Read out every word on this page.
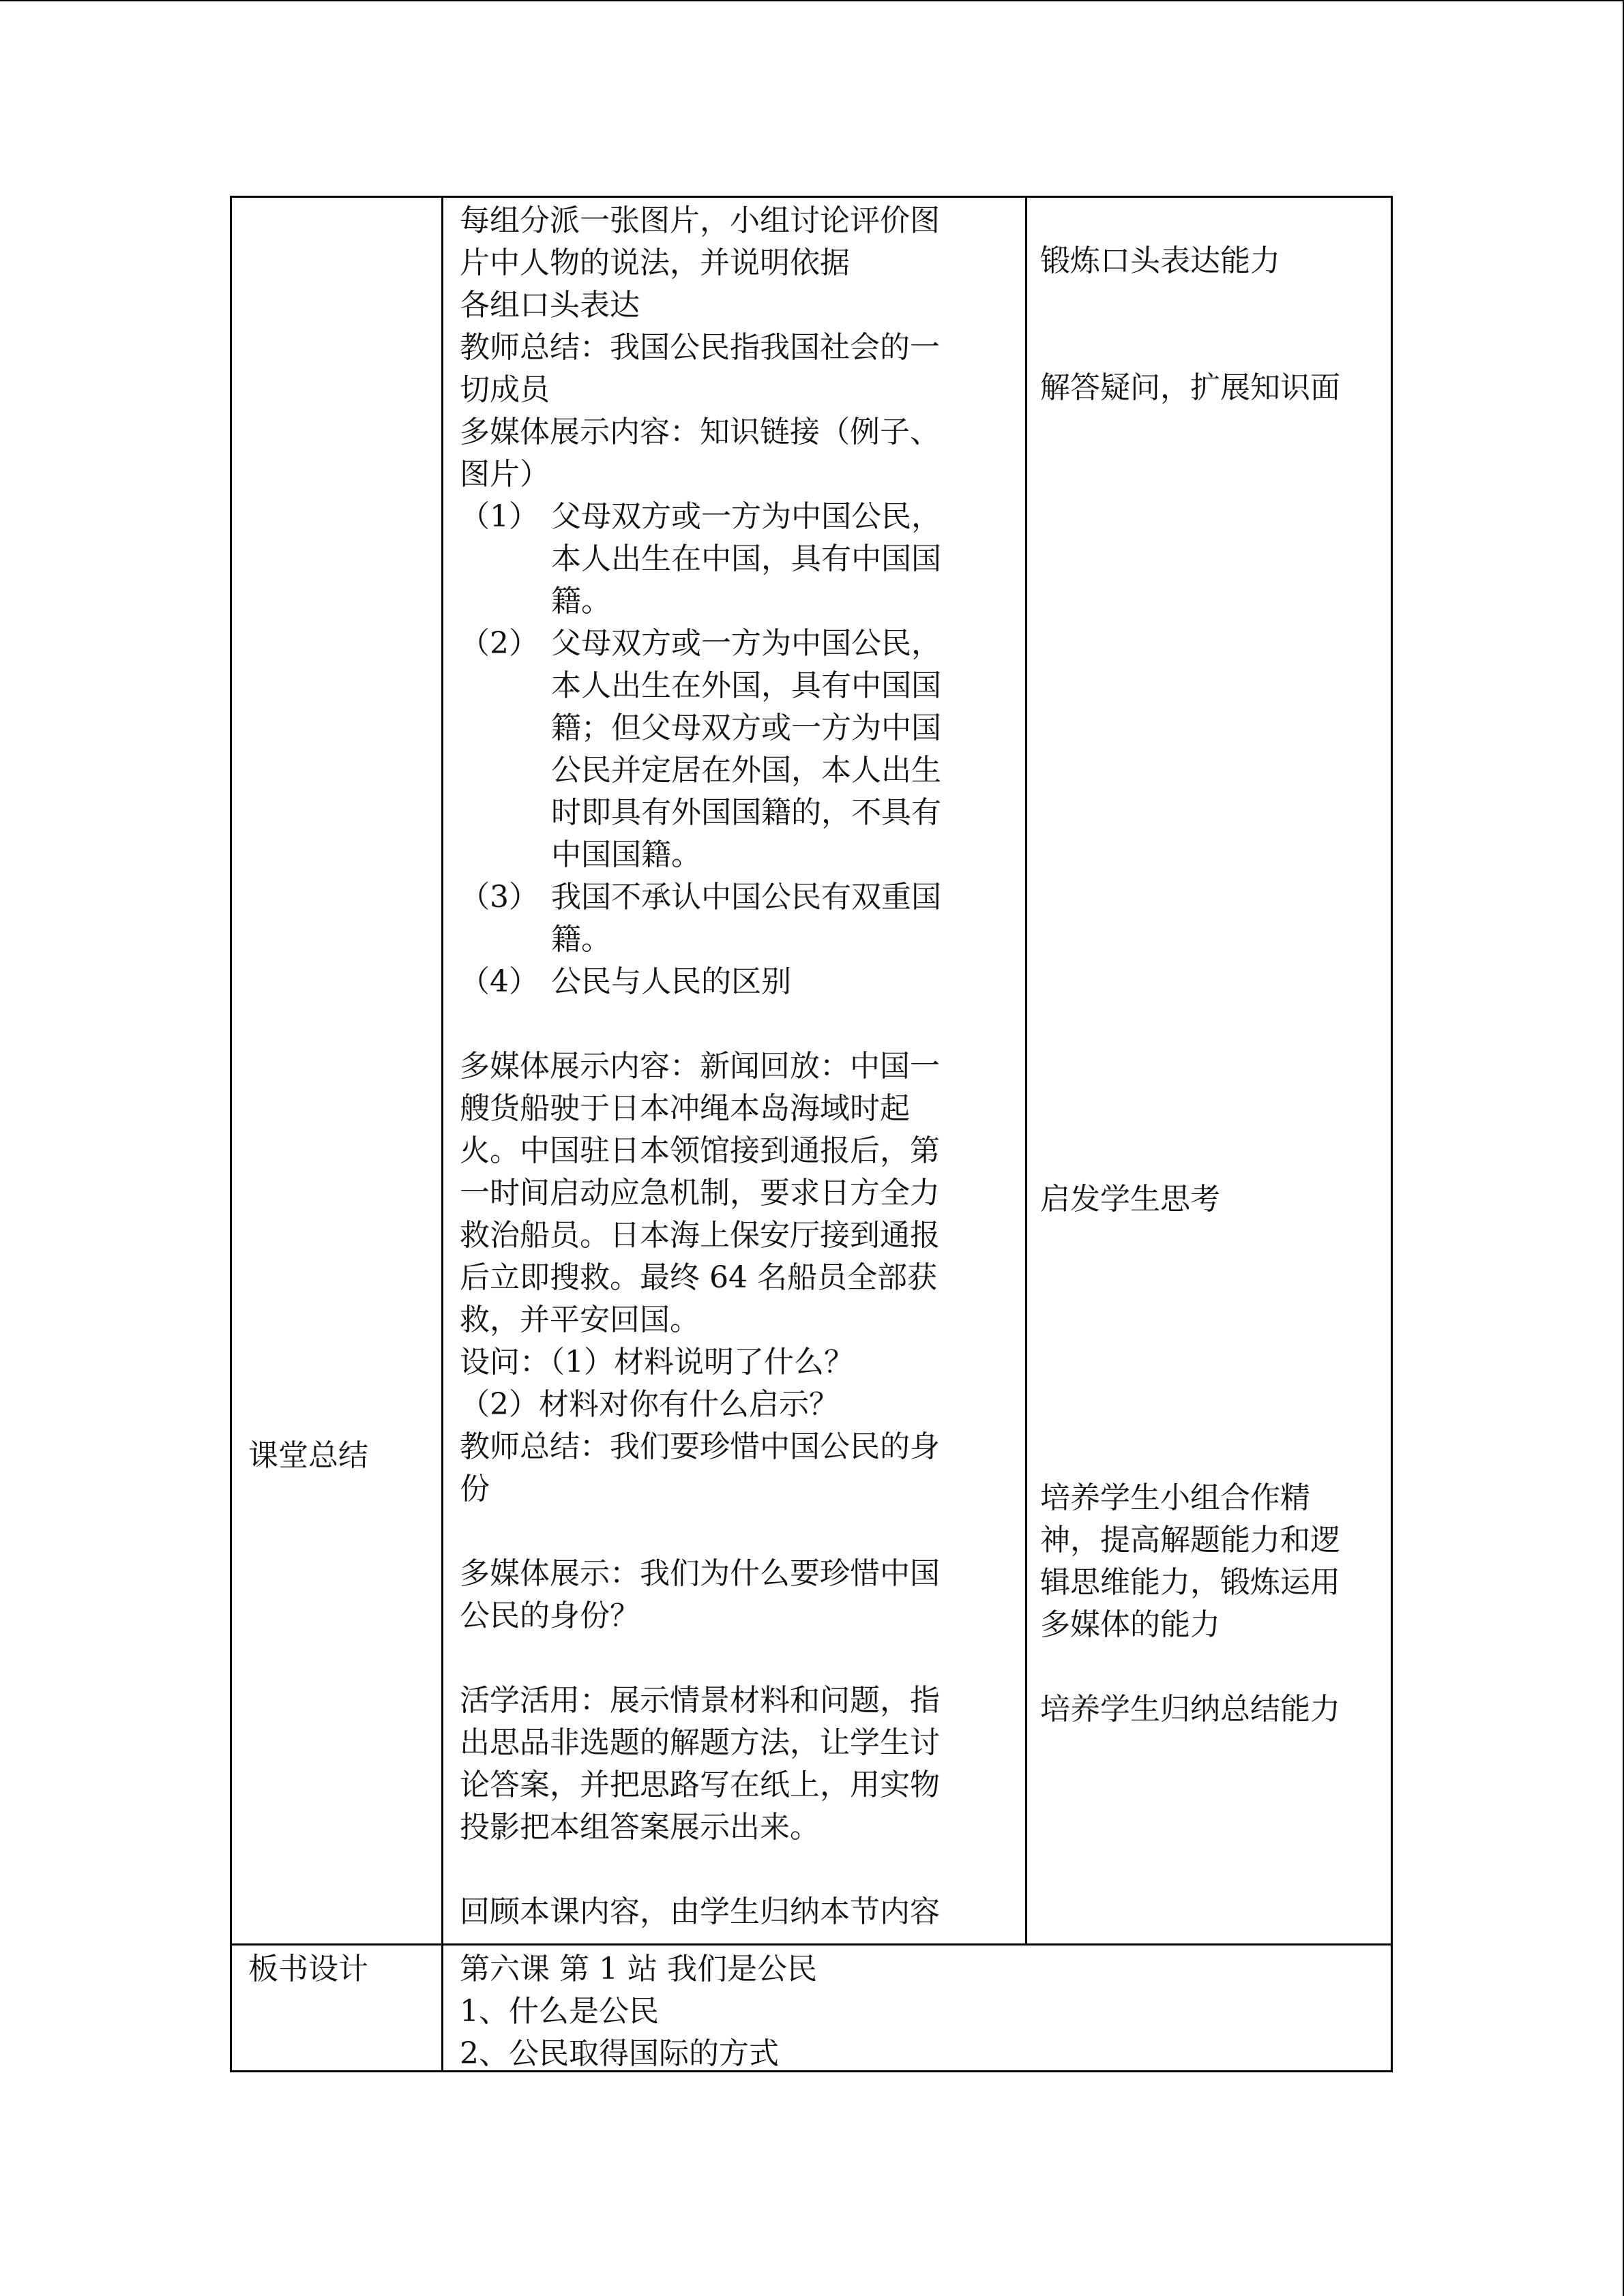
课堂总结
每组分派一张图片，小组讨论评价图
片中人物的说法，并说明依据
各组口头表达
教师总结：我国公民指我国社会的一
切成员
多媒体展示内容：知识链接（例子、
图片）
（1） 父母双方或一方为中国公民，
本人出生在中国，具有中国国
籍。
（2） 父母双方或一方为中国公民，
本人出生在外国，具有中国国
籍；但父母双方或一方为中国
公民并定居在外国，本人出生
时即具有外国国籍的，不具有
中国国籍。
（3） 我国不承认中国公民有双重国
籍。
（4） 公民与人民的区别
多媒体展示内容：新闻回放：中国一
艘货船驶于日本冲绳本岛海域时起
火。中国驻日本领馆接到通报后，第
一时间启动应急机制，要求日方全力
救治船员。日本海上保安厅接到通报
后立即搜救。最终 64 名船员全部获
救，并平安回国。
设问：（1）材料说明了什么？
（2）材料对你有什么启示？
教师总结：我们要珍惜中国公民的身
份
多媒体展示：我们为什么要珍惜中国
公民的身份？
活学活用：展示情景材料和问题，指
出思品非选题的解题方法，让学生讨
论答案，并把思路写在纸上，用实物
投影把本组答案展示出来。
回顾本课内容，由学生归纳本节内容
锻炼口头表达能力
解答疑问，扩展知识面
启发学生思考
培养学生小组合作精
神，提高解题能力和逻
辑思维能力，锻炼运用
多媒体的能力
培养学生归纳总结能力
板书设计	第六课 第 1 站 我们是公民
1、什么是公民
2、公民取得国际的方式
